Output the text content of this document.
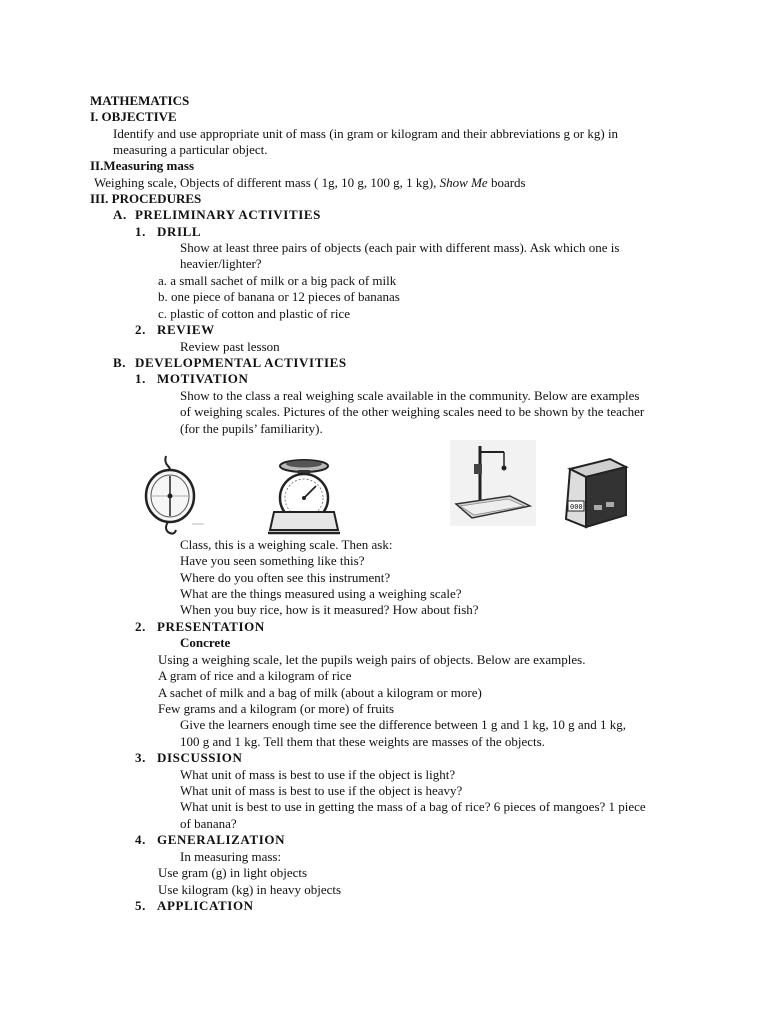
MATHEMATICS
I. OBJECTIVE
Identify and use appropriate unit of mass (in gram or kilogram and their abbreviations g or kg) in
measuring a particular object.
II.Measuring mass
Weighing scale, Objects of different mass ( 1g, 10 g, 100 g, 1 kg), Show Me boards
III. PROCEDURES
A. PRELIMINARY ACTIVITIES
1. DRILL
Show at least three pairs of objects (each pair with different mass). Ask which one is
heavier/lighter?
a. a small sachet of milk or a big pack of milk
b. one piece of banana or 12 pieces of bananas
c. plastic of cotton and plastic of rice
2. REVIEW
Review past lesson
B. DEVELOPMENTAL ACTIVITIES
1. MOTIVATION
Show to the class a real weighing scale available in the community. Below are examples
of weighing scales. Pictures of the other weighing scales need to be shown by the teacher
(for the pupils’ familiarity).
000
Class, this is a weighing scale. Then ask:
Have you seen something like this?
Where do you often see this instrument?
What are the things measured using a weighing scale?
When you buy rice, how is it measured? How about fish?
2. PRESENTATION
Concrete
Using a weighing scale, let the pupils weigh pairs of objects. Below are examples.
A gram of rice and a kilogram of rice
A sachet of milk and a bag of milk (about a kilogram or more)
Few grams and a kilogram (or more) of fruits
Give the learners enough time see the difference between 1 g and 1 kg, 10 g and 1 kg,
100 g and 1 kg. Tell them that these weights are masses of the objects.
3. DISCUSSION
What unit of mass is best to use if the object is light?
What unit of mass is best to use if the object is heavy?
What unit is best to use in getting the mass of a bag of rice? 6 pieces of mangoes? 1 piece
of banana?
4. GENERALIZATION
In measuring mass:
Use gram (g) in light objects
Use kilogram (kg) in heavy objects
5. APPLICATION
